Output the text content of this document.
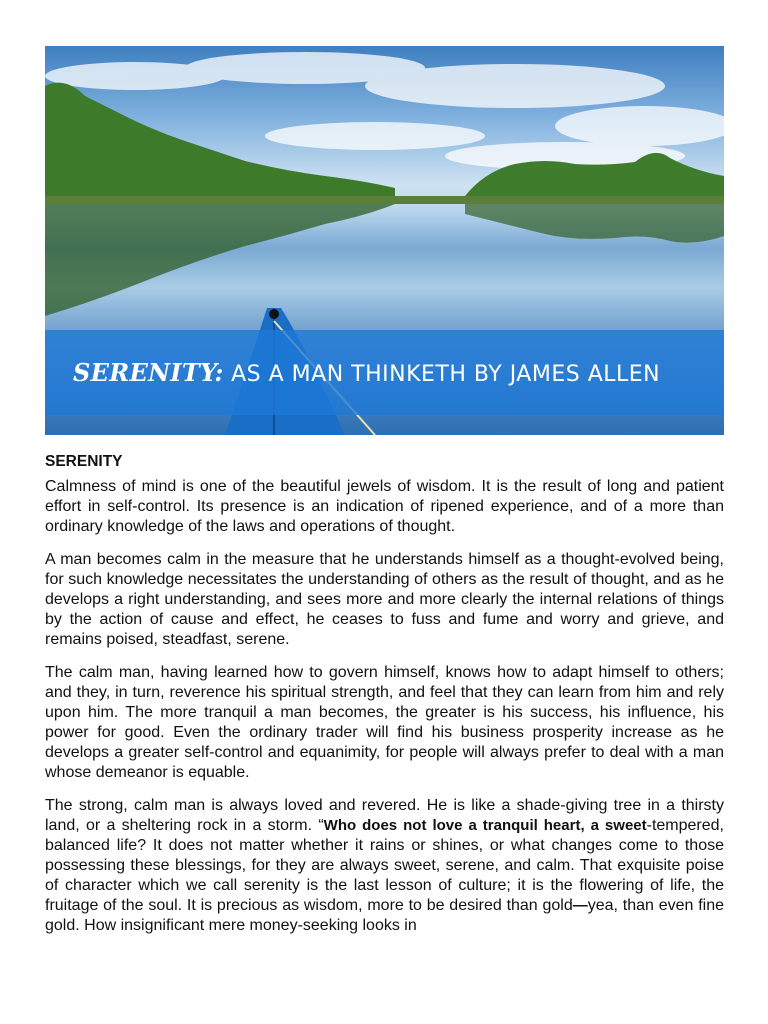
SERENITY: AS A MAN THINKETH BY JAMES ALLEN
SERENITY

Calmness of mind is one of the beautiful jewels of wisdom. It is the result of long and patient effort in self-control. Its presence is an indication of ripened experience, and of a more than ordinary knowledge of the laws and operations of thought.

A man becomes calm in the measure that he understands himself as a thought-evolved being, for such knowledge necessitates the understanding of others as the result of thought, and as he develops a right understanding, and sees more and more clearly the internal relations of things by the action of cause and effect, he ceases to fuss and fume and worry and grieve, and remains poised, steadfast, serene.

The calm man, having learned how to govern himself, knows how to adapt himself to others; and they, in turn, reverence his spiritual strength, and feel that they can learn from him and rely upon him. The more tranquil a man becomes, the greater is his success, his influence, his power for good. Even the ordinary trader will find his business prosperity increase as he develops a greater self-control and equanimity, for people will always prefer to deal with a man whose demeanor is equable.

The strong, calm man is always loved and revered. He is like a shade-giving tree in a thirsty land, or a sheltering rock in a storm. “Who does not love a tranquil heart, a sweet-tempered, balanced life? It does not matter whether it rains or shines, or what changes come to those possessing these blessings, for they are always sweet, serene, and calm. That exquisite poise of character which we call serenity is the last lesson of culture; it is the flowering of life, the fruitage of the soul. It is precious as wisdom, more to be desired than gold—yea, than even fine gold. How insignificant mere money-seeking looks in
